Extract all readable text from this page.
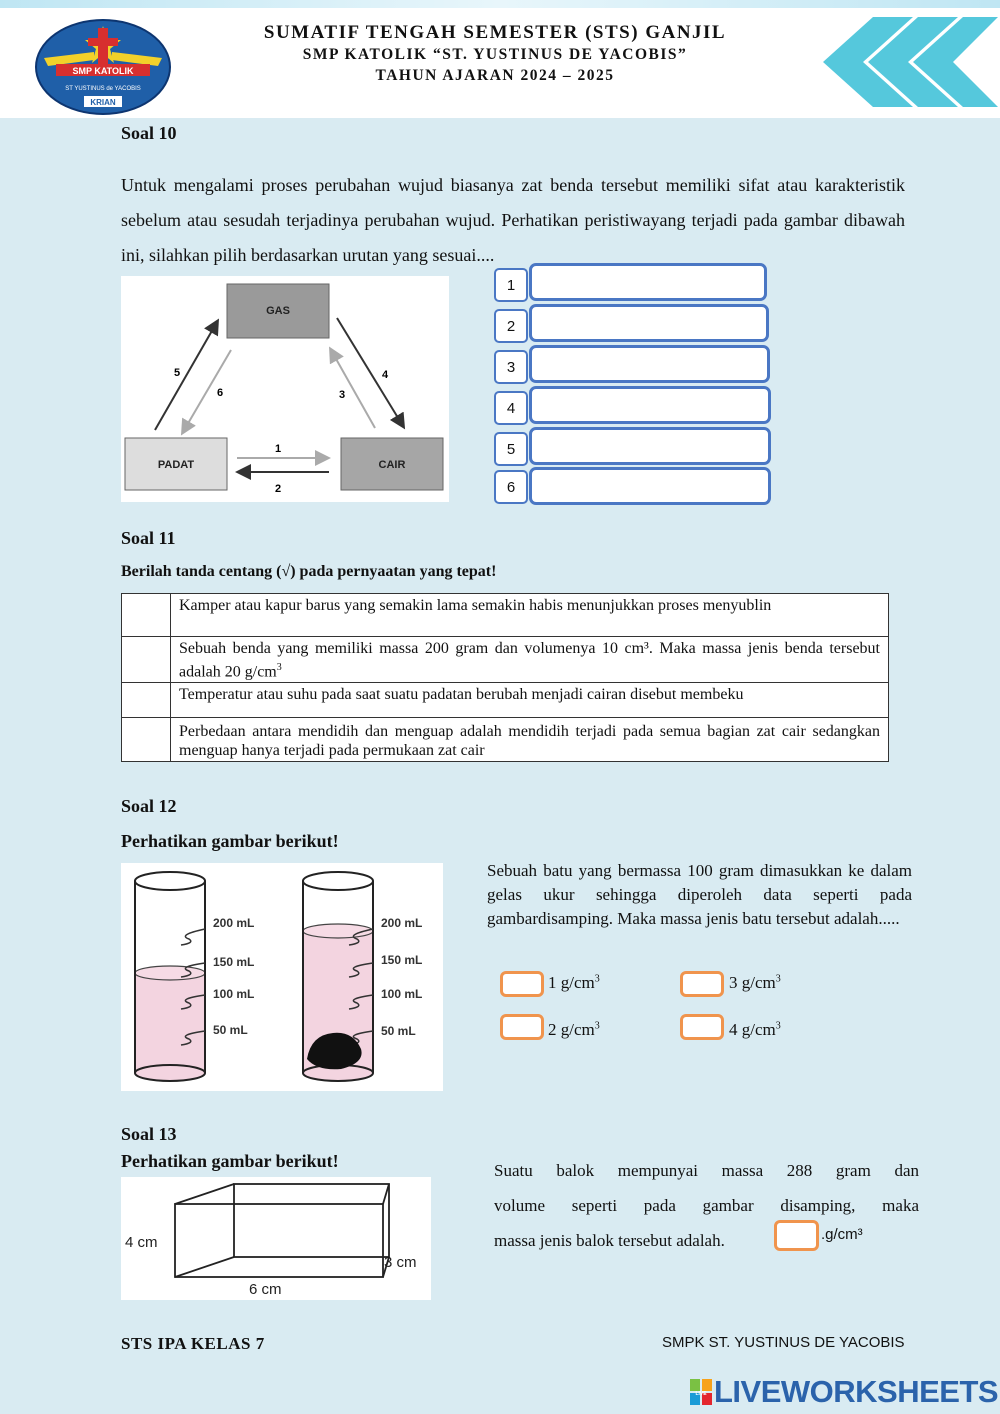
SMP KATOLIK
ST YUSTINUS de YACOBIS
KRIAN
SUMATIF TENGAH SEMESTER (STS) GANJIL
SMP KATOLIK “ST. YUSTINUS DE YACOBIS”
TAHUN AJARAN 2024 – 2025
Soal 10
Untuk mengalami proses perubahan wujud biasanya zat benda tersebut memiliki sifat atau karakteristik sebelum atau sesudah terjadinya perubahan wujud. Perhatikan peristiwayang terjadi pada gambar dibawah ini, silahkan pilih berdasarkan urutan yang sesuai....
GAS
PADAT	CAIR
1
2
3
4
5
6
1
2
3
4
5
6
Soal 11
Berilah tanda centang (√) pada pernyaatan yang tepat!
	Kamper atau kapur barus yang semakin lama semakin habis menunjukkan proses menyublin
	Sebuah benda yang memiliki massa 200 gram dan volumenya 10 cm³. Maka massa jenis benda tersebut adalah 20 $g/cm^3$
	Temperatur atau suhu pada saat suatu padatan berubah menjadi cairan disebut membeku
	Perbedaan antara mendidih dan menguap adalah mendidih terjadi pada semua bagian zat cair sedangkan menguap hanya terjadi pada permukaan zat cair
Soal 12
Perhatikan gambar berikut!
200 mL
150 mL
100 mL
50 mL
200 mL
150 mL
100 mL
50 mL
Sebuah batu yang bermassa 100 gram dimasukkan ke dalam gelas ukur sehingga diperoleh data seperti pada gambardisamping. Maka massa jenis batu tersebut adalah.....
1 $g/cm^3$	3 $g/cm^3$
2 $g/cm^3$	4 $g/cm^3$
Soal 13
Perhatikan gambar berikut!
4 cm
3 cm
6 cm
Suatu balok mempunyai massa 288 gram dan
volume seperti pada gambar disamping, maka
massa jenis balok tersebut adalah.	.g/cm³
STS IPA KELAS 7	SMPK ST. YUSTINUS DE YACOBIS
LIVE LIVEWORKSHEETS
